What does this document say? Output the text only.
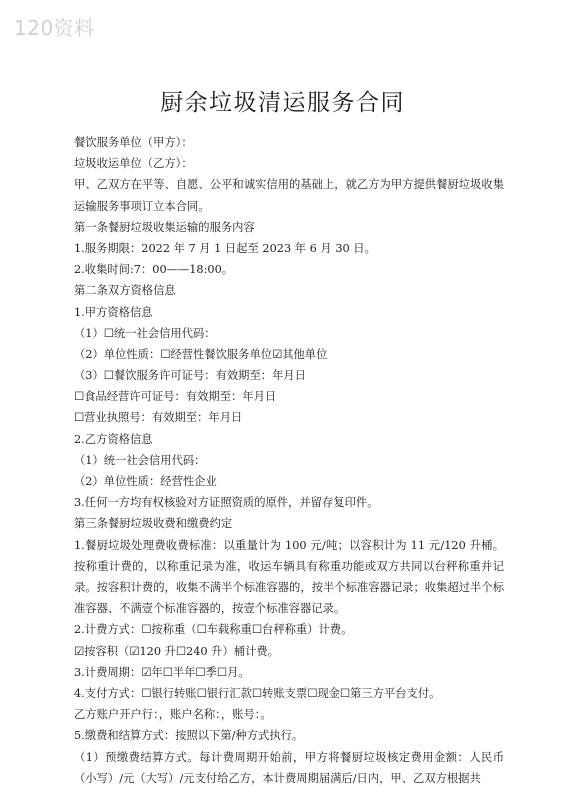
120资料
厨余垃圾清运服务合同
餐饮服务单位（甲方）：
垃圾收运单位（乙方）：
甲、乙双方在平等、自愿、公平和诚实信用的基础上，就乙方为甲方提供餐厨垃圾收集运输服务事项订立本合同。
第一条餐厨垃圾收集运输的服务内容
1.服务期限：2022 年 7 月 1 日起至 2023 年 6 月 30 日。
2.收集时间:7：00——18:00。
第二条双方资格信息
1.甲方资格信息
（1）☐统一社会信用代码：
（2）单位性质：☐经营性餐饮服务单位☑其他单位
（3）☐餐饮服务许可证号：有效期至：年月日
☐食品经营许可证号：有效期至：年月日
☐营业执照号：有效期至：年月日
2.乙方资格信息
（1）统一社会信用代码：
（2）单位性质：经营性企业
3.任何一方均有权核验对方证照资质的原件，并留存复印件。
第三条餐厨垃圾收费和缴费约定
1.餐厨垃圾处理费收费标准：以重量计为 100 元/吨；以容积计为 11 元/120 升桶。按称重计费的，以称重记录为准，收运车辆具有称重功能或双方共同以台秤称重并记录。按容积计费的，收集不满半个标准容器的，按半个标准容器记录；收集超过半个标准容器、不满壹个标准容器的，按壹个标准容器记录。
2.计费方式：☐按称重（☐车载称重☐台秤称重）计费。
☑按容积（☑120 升☐240 升）桶计费。
3.计费周期：☑年☐半年☐季☐月。
4.支付方式：☐银行转账☐银行汇款☐转账支票☐现金☐第三方平台支付。
乙方账户开户行：，账户名称：，账号：。
5.缴费和结算方式：按照以下第/种方式执行。
（1）预缴费结算方式。每计费周期开始前，甲方将餐厨垃圾核定费用金额：人民币（小写）/元（大写）/元支付给乙方，本计费周期届满后/日内，甲、乙双方根据共
